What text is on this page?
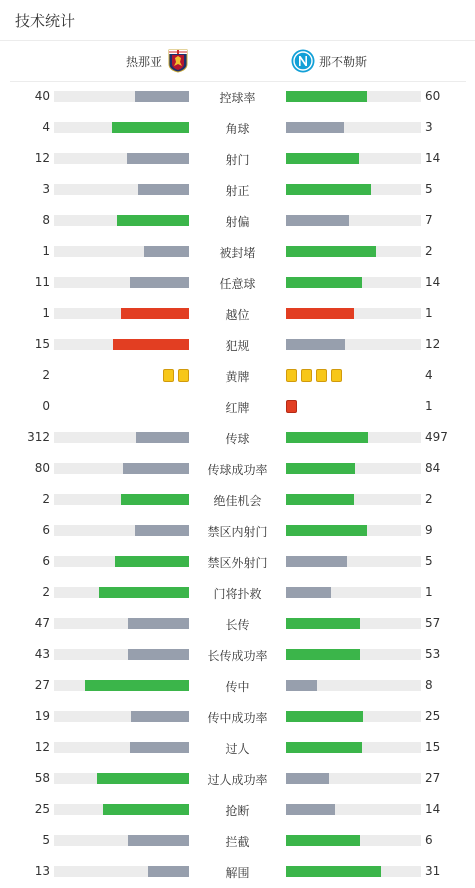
技术统计
热那亚	那不勒斯
40	控球率	60
4	角球	3
12	射门	14
3	射正	5
8	射偏	7
1	被封堵	2
11	任意球	14
1	越位	1
15	犯规	12
2	黄牌	4
0	红牌	1
312	传球	497
80	传球成功率	84
2	绝佳机会	2
6	禁区内射门	9
6	禁区外射门	5
2	门将扑救	1
47	长传	57
43	长传成功率	53
27	传中	8
19	传中成功率	25
12	过人	15
58	过人成功率	27
25	抢断	14
5	拦截	6
13	解围	31
